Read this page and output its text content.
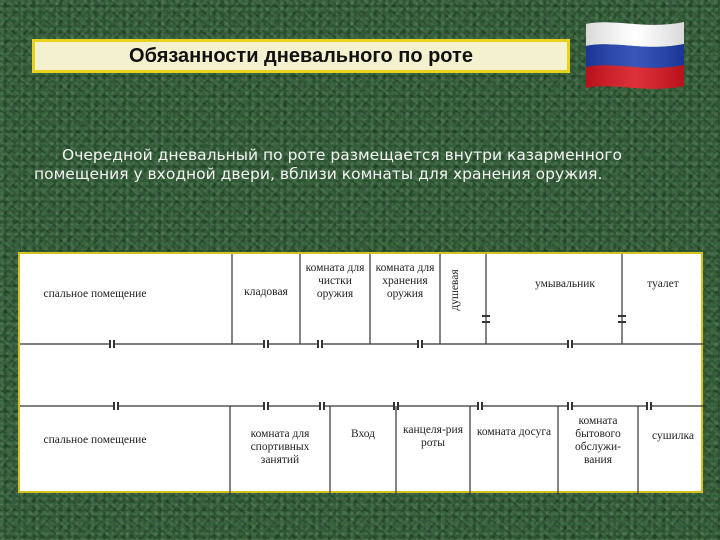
Обязанности дневального по роте
Очередной дневальный по роте размещается внутри казарменного помещения у входной двери, вблизи комнаты для хранения оружия.
спальное помещение	кладовая
комната для чистки оружия
комната для хранения оружия	душевая	умывальник	туалет
спальное помещение	комната для спортивных занятий
Вход	канцеля-рия роты
комната досуга
комната бытового обслужи-вания
сушилка
